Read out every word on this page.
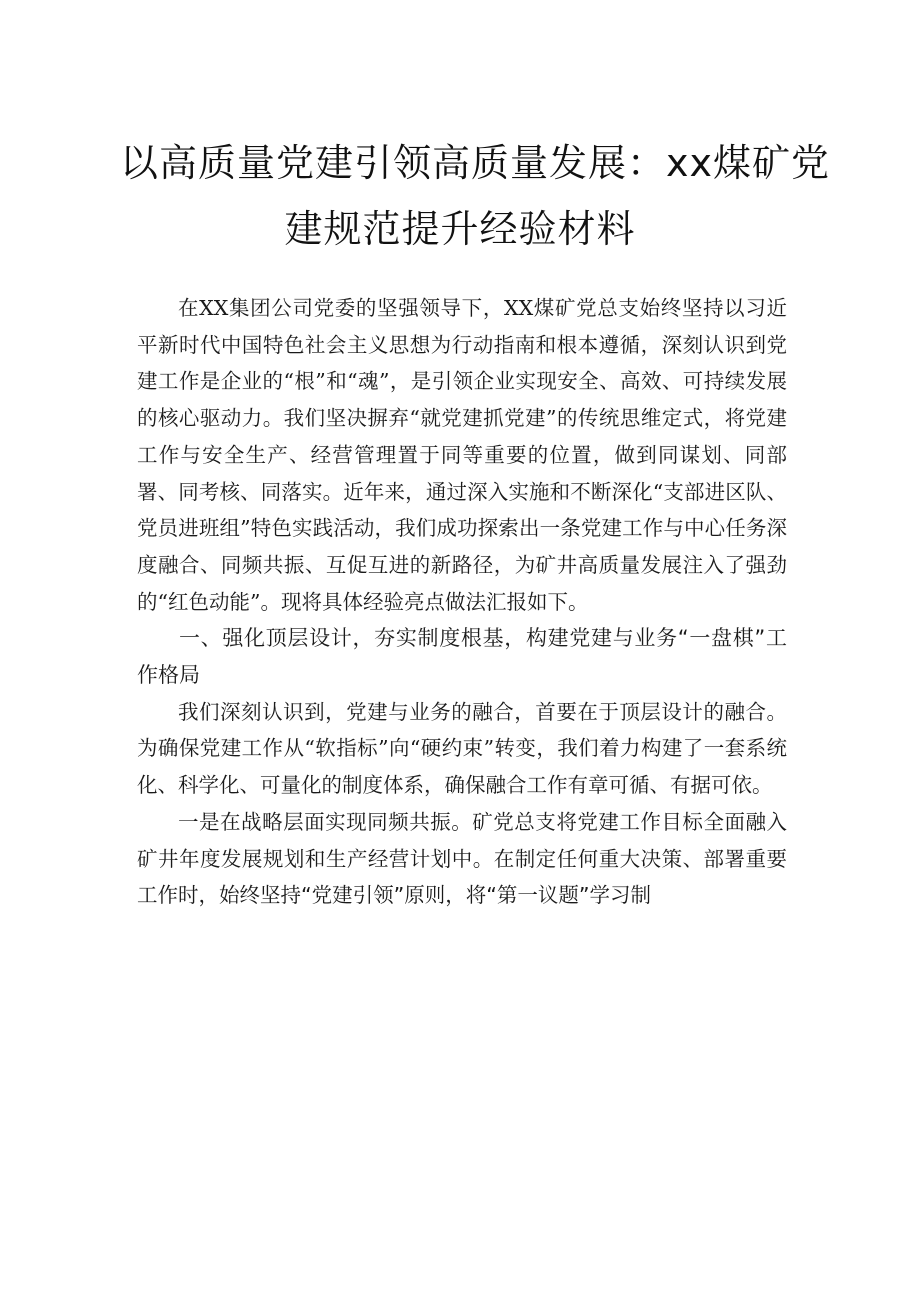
以高质量党建引领高质量发展：xx煤矿党
建规范提升经验材料

在XX集团公司党委的坚强领导下，XX煤矿党总支始终坚持以习近平新时代中国特色社会主义思想为行动指南和根本遵循，深刻认识到党建工作是企业的“根”和“魂”，是引领企业实现安全、高效、可持续发展的核心驱动力。我们坚决摒弃“就党建抓党建”的传统思维定式，将党建工作与安全生产、经营管理置于同等重要的位置，做到同谋划、同部署、同考核、同落实。近年来，通过深入实施和不断深化“支部进区队、党员进班组”特色实践活动，我们成功探索出一条党建工作与中心任务深度融合、同频共振、互促互进的新路径，为矿井高质量发展注入了强劲的“红色动能”。现将具体经验亮点做法汇报如下。

一、强化顶层设计，夯实制度根基，构建党建与业务“一盘棋”工作格局

我们深刻认识到，党建与业务的融合，首要在于顶层设计的融合。为确保党建工作从“软指标”向“硬约束”转变，我们着力构建了一套系统化、科学化、可量化的制度体系，确保融合工作有章可循、有据可依。

一是在战略层面实现同频共振。矿党总支将党建工作目标全面融入矿井年度发展规划和生产经营计划中。在制定任何重大决策、部署重要工作时，始终坚持“党建引领”原则，将“第一议题”学习制
